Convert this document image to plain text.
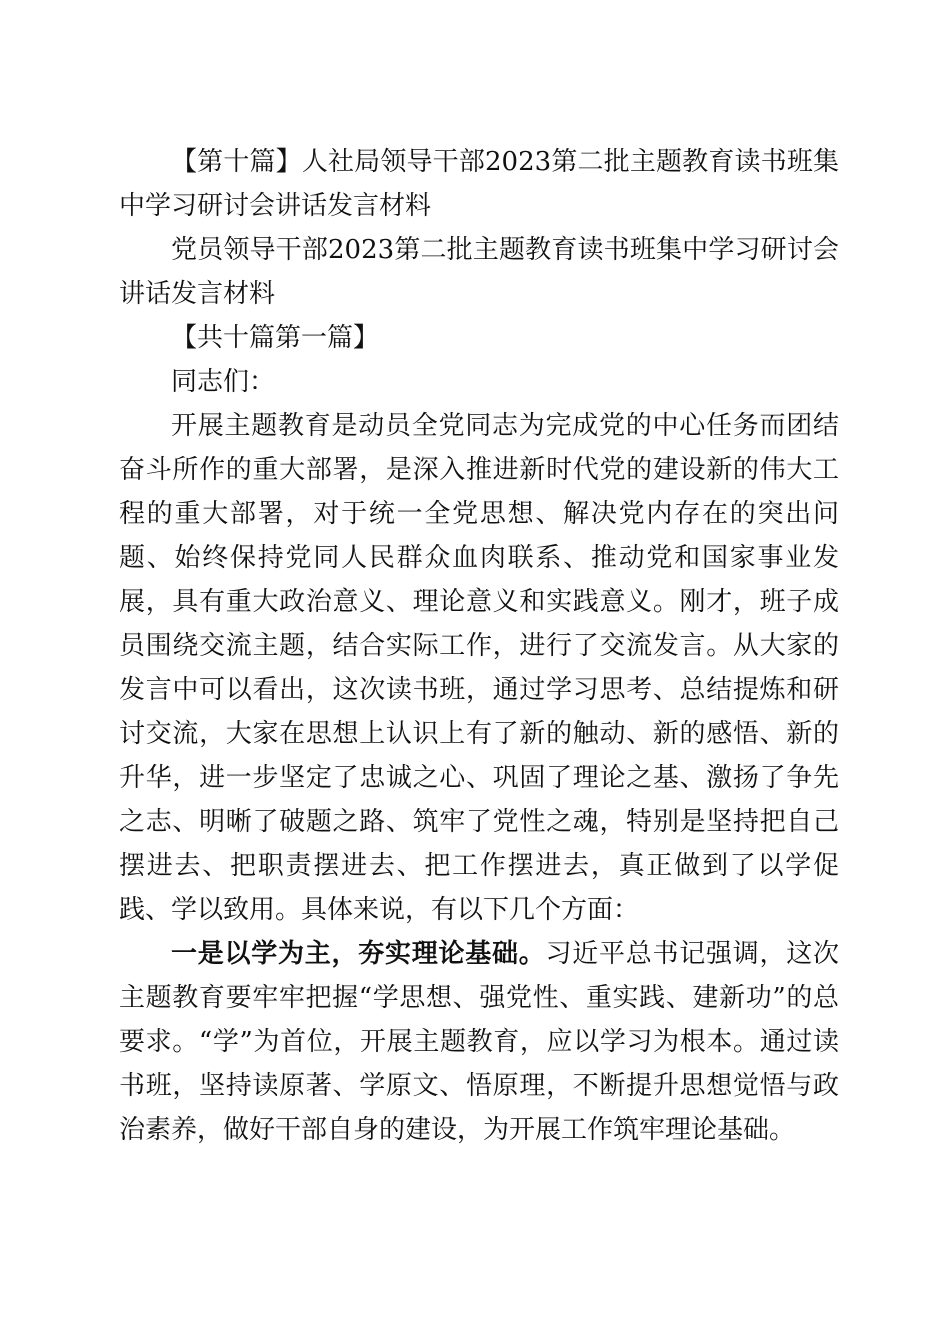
【第十篇】人社局领导干部2023第二批主题教育读书班集中学习研讨会讲话发言材料

党员领导干部2023第二批主题教育读书班集中学习研讨会讲话发言材料

【共十篇第一篇】

同志们：

开展主题教育是动员全党同志为完成党的中心任务而团结奋斗所作的重大部署，是深入推进新时代党的建设新的伟大工程的重大部署，对于统一全党思想、解决党内存在的突出问题、始终保持党同人民群众血肉联系、推动党和国家事业发展，具有重大政治意义、理论意义和实践意义。刚才，班子成员围绕交流主题，结合实际工作，进行了交流发言。从大家的发言中可以看出，这次读书班，通过学习思考、总结提炼和研讨交流，大家在思想上认识上有了新的触动、新的感悟、新的升华，进一步坚定了忠诚之心、巩固了理论之基、激扬了争先之志、明晰了破题之路、筑牢了党性之魂，特别是坚持把自己摆进去、把职责摆进去、把工作摆进去，真正做到了以学促践、学以致用。具体来说，有以下几个方面：

一是以学为主，夯实理论基础。习近平总书记强调，这次主题教育要牢牢把握“学思想、强党性、重实践、建新功”的总要求。“学”为首位，开展主题教育，应以学习为根本。通过读书班，坚持读原著、学原文、悟原理，不断提升思想觉悟与政治素养，做好干部自身的建设，为开展工作筑牢理论基础。
